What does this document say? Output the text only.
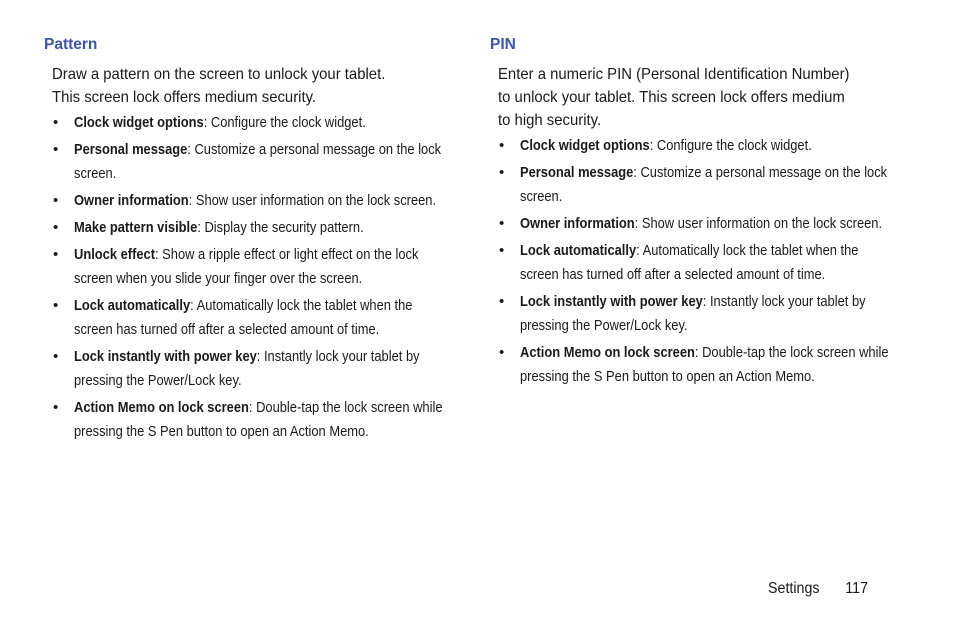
Pattern

Draw a pattern on the screen to unlock your tablet. This screen lock offers medium security.

• Clock widget options: Configure the clock widget.
• Personal message: Customize a personal message on the lock screen.
• Owner information: Show user information on the lock screen.
• Make pattern visible: Display the security pattern.
• Unlock effect: Show a ripple effect or light effect on the lock screen when you slide your finger over the screen.
• Lock automatically: Automatically lock the tablet when the screen has turned off after a selected amount of time.
• Lock instantly with power key: Instantly lock your tablet by pressing the Power/Lock key.
• Action Memo on lock screen: Double-tap the lock screen while pressing the S Pen button to open an Action Memo.
PIN

Enter a numeric PIN (Personal Identification Number) to unlock your tablet. This screen lock offers medium to high security.

• Clock widget options: Configure the clock widget.
• Personal message: Customize a personal message on the lock screen.
• Owner information: Show user information on the lock screen.
• Lock automatically: Automatically lock the tablet when the screen has turned off after a selected amount of time.
• Lock instantly with power key: Instantly lock your tablet by pressing the Power/Lock key.
• Action Memo on lock screen: Double-tap the lock screen while pressing the S Pen button to open an Action Memo.
Settings 117
